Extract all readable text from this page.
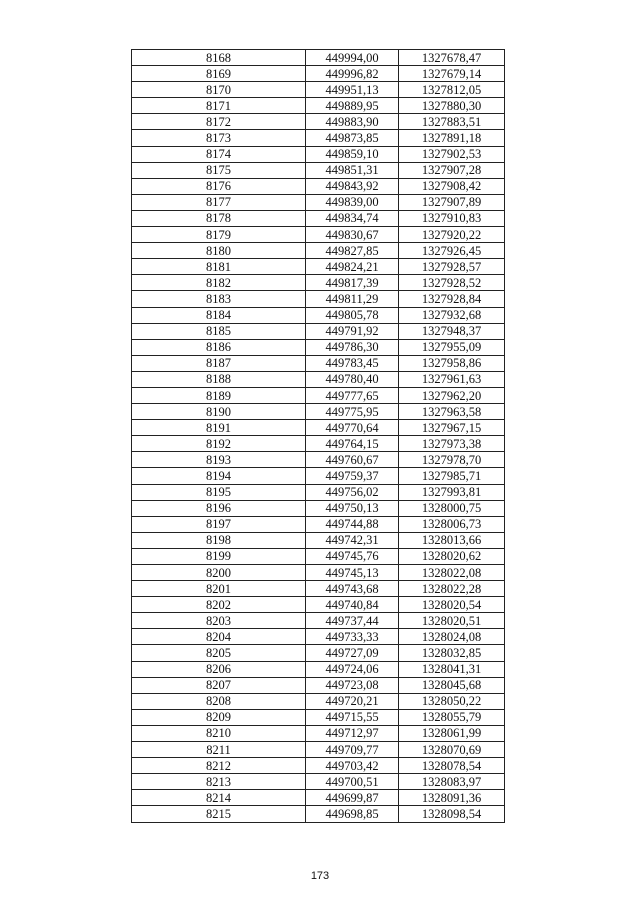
8168	449994,00	1327678,47
8169	449996,82	1327679,14
8170	449951,13	1327812,05
8171	449889,95	1327880,30
8172	449883,90	1327883,51
8173	449873,85	1327891,18
8174	449859,10	1327902,53
8175	449851,31	1327907,28
8176	449843,92	1327908,42
8177	449839,00	1327907,89
8178	449834,74	1327910,83
8179	449830,67	1327920,22
8180	449827,85	1327926,45
8181	449824,21	1327928,57
8182	449817,39	1327928,52
8183	449811,29	1327928,84
8184	449805,78	1327932,68
8185	449791,92	1327948,37
8186	449786,30	1327955,09
8187	449783,45	1327958,86
8188	449780,40	1327961,63
8189	449777,65	1327962,20
8190	449775,95	1327963,58
8191	449770,64	1327967,15
8192	449764,15	1327973,38
8193	449760,67	1327978,70
8194	449759,37	1327985,71
8195	449756,02	1327993,81
8196	449750,13	1328000,75
8197	449744,88	1328006,73
8198	449742,31	1328013,66
8199	449745,76	1328020,62
8200	449745,13	1328022,08
8201	449743,68	1328022,28
8202	449740,84	1328020,54
8203	449737,44	1328020,51
8204	449733,33	1328024,08
8205	449727,09	1328032,85
8206	449724,06	1328041,31
8207	449723,08	1328045,68
8208	449720,21	1328050,22
8209	449715,55	1328055,79
8210	449712,97	1328061,99
8211	449709,77	1328070,69
8212	449703,42	1328078,54
8213	449700,51	1328083,97
8214	449699,87	1328091,36
8215	449698,85	1328098,54
173
